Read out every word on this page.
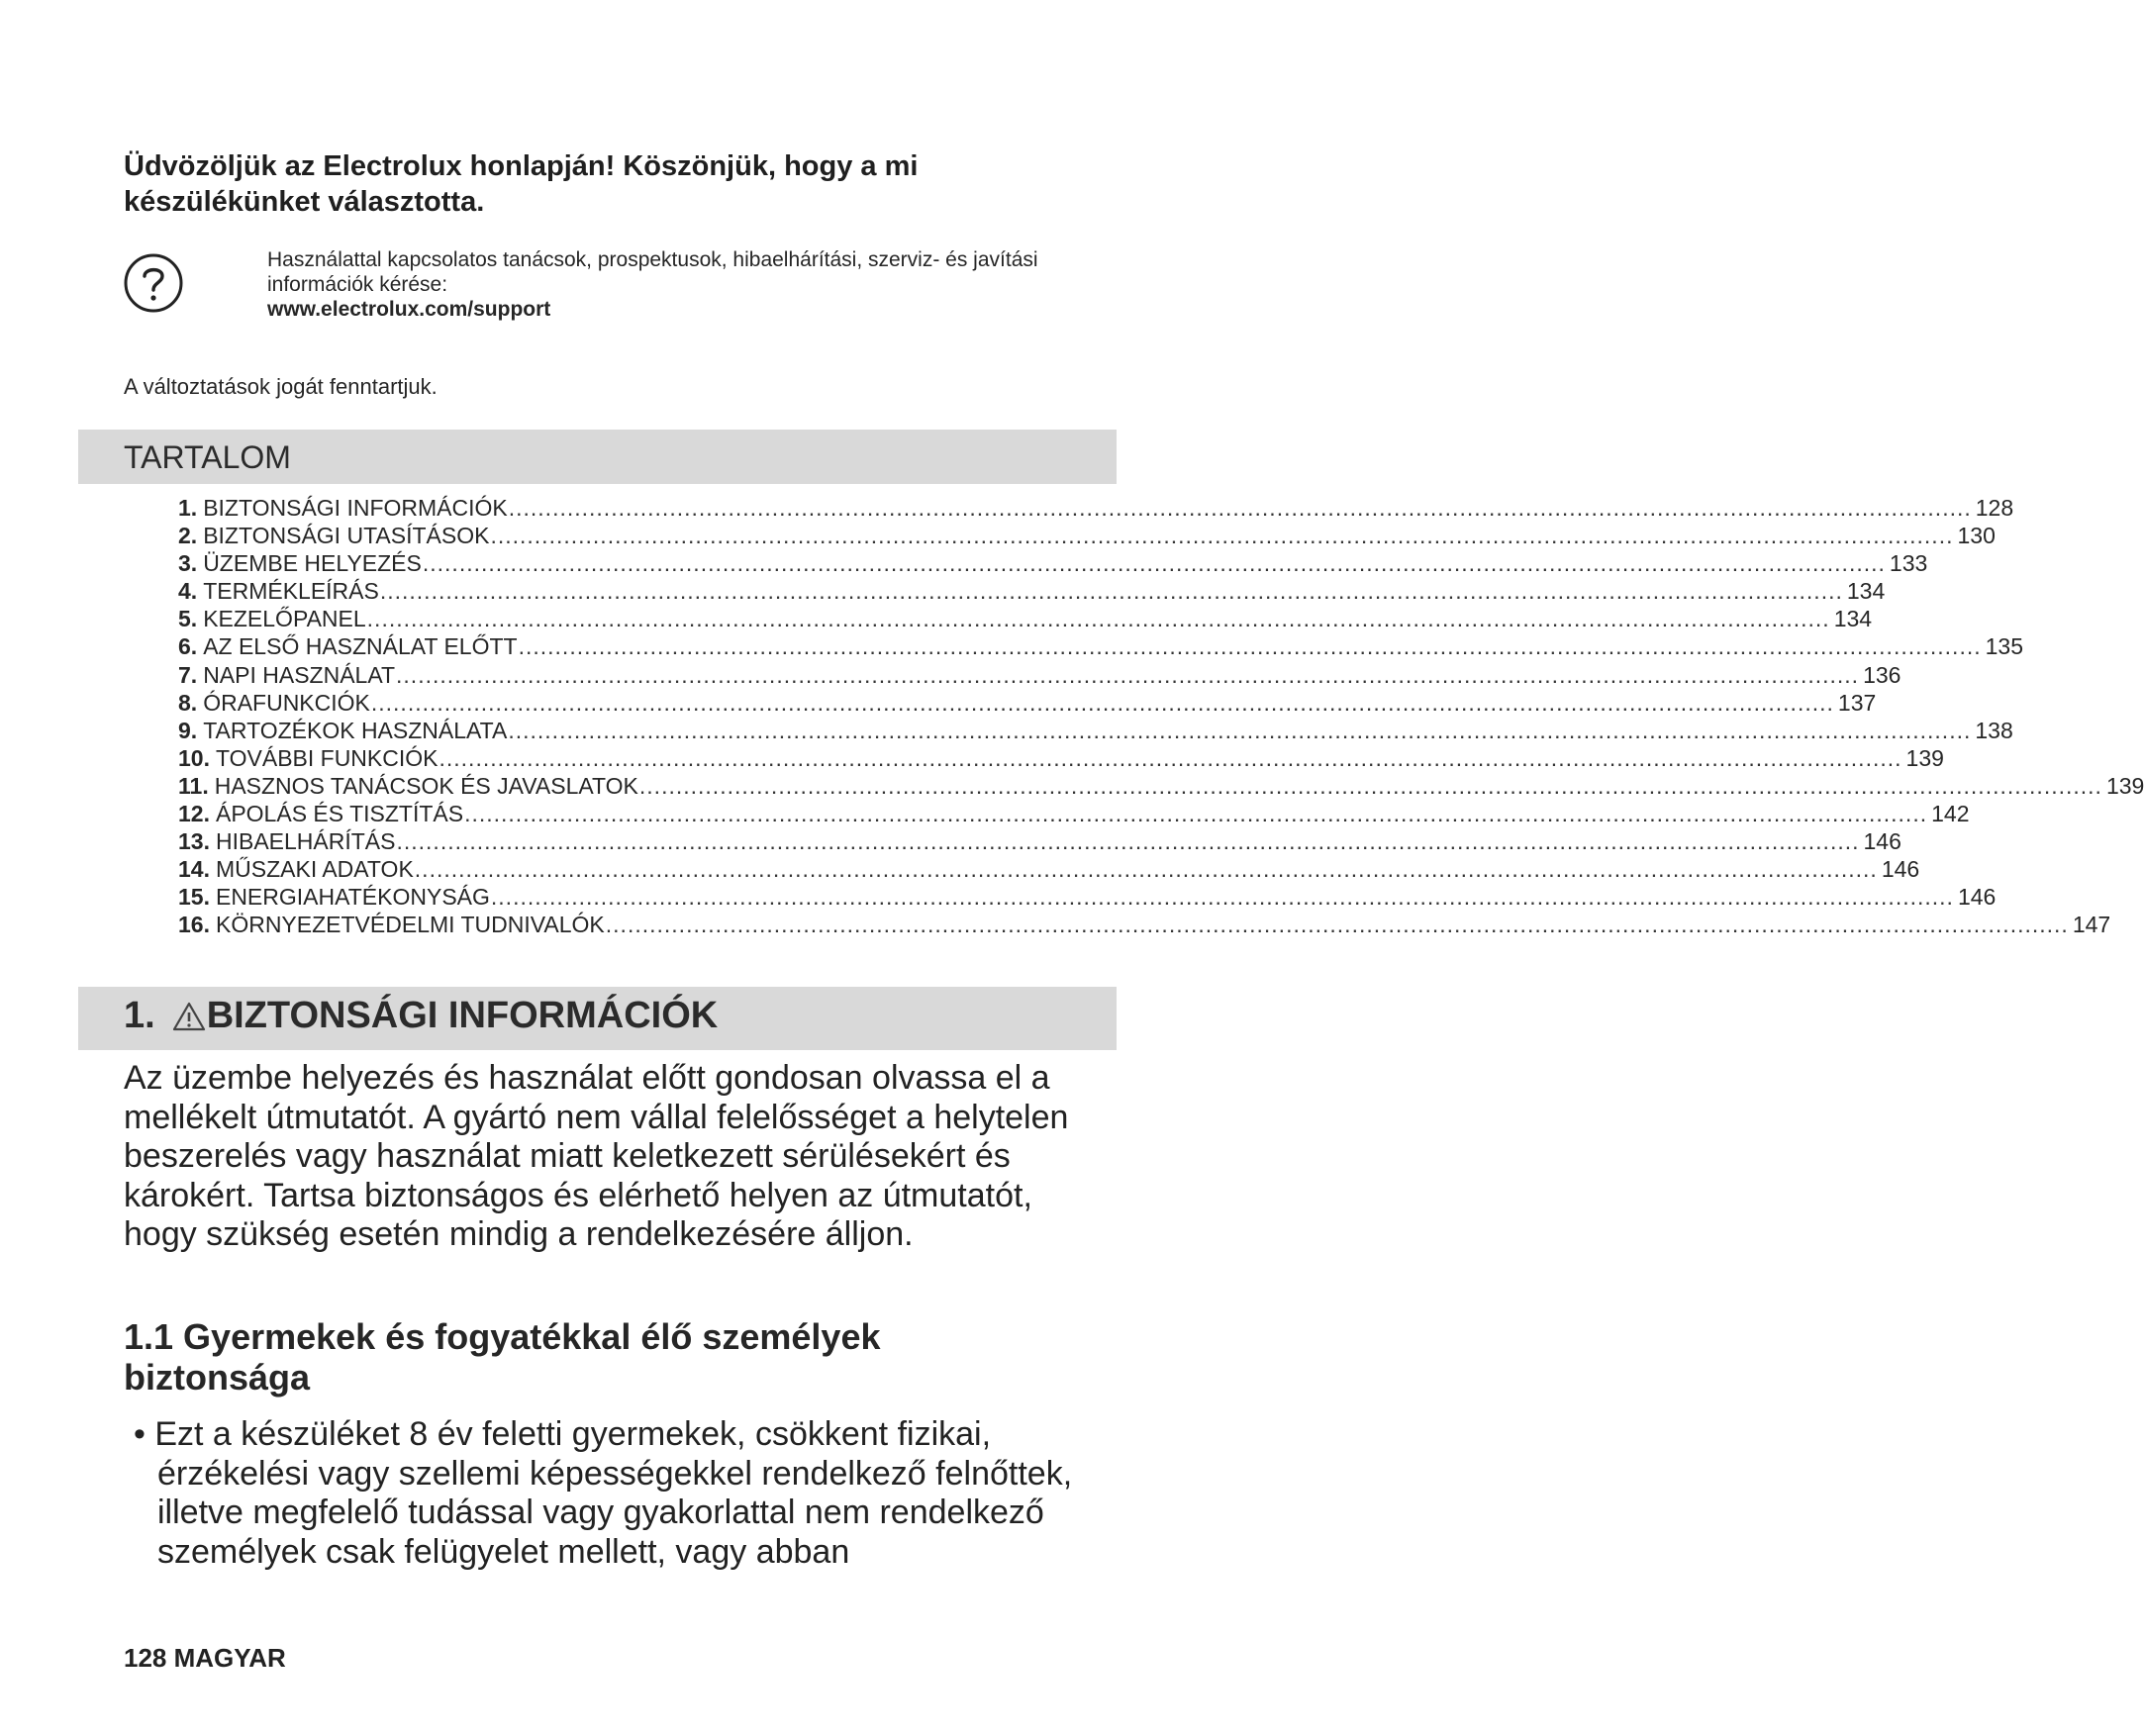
Üdvözöljük az Electrolux honlapján! Köszönjük, hogy a mi készülékünket választotta.
Használattal kapcsolatos tanácsok, prospektusok, hibaelhárítási, szerviz- és javítási információk kérése:
www.electrolux.com/support
A változtatások jogát fenntartjuk.
TARTALOM
1. BIZTONSÁGI INFORMÁCIÓK ........................................................................................................................................................................................................ 128
2. BIZTONSÁGI UTASÍTÁSOK ........................................................................................................................................................................................................ 130
3. ÜZEMBE HELYEZÉS ........................................................................................................................................................................................................ 133
4. TERMÉKLEÍRÁS ........................................................................................................................................................................................................ 134
5. KEZELŐPANEL ........................................................................................................................................................................................................ 134
6. AZ ELSŐ HASZNÁLAT ELŐTT ........................................................................................................................................................................................................ 135
7. NAPI HASZNÁLAT ........................................................................................................................................................................................................ 136
8. ÓRAFUNKCIÓK ........................................................................................................................................................................................................ 137
9. TARTOZÉKOK HASZNÁLATA ........................................................................................................................................................................................................ 138
10. TOVÁBBI FUNKCIÓK ........................................................................................................................................................................................................ 139
11. HASZNOS TANÁCSOK ÉS JAVASLATOK ........................................................................................................................................................................................................ 139
12. ÁPOLÁS ÉS TISZTÍTÁS ........................................................................................................................................................................................................ 142
13. HIBAELHÁRÍTÁS ........................................................................................................................................................................................................ 146
14. MŰSZAKI ADATOK ........................................................................................................................................................................................................ 146
15. ENERGIAHATÉKONYSÁG ........................................................................................................................................................................................................ 146
16. KÖRNYEZETVÉDELMI TUDNIVALÓK ........................................................................................................................................................................................................ 147
1. BIZTONSÁGI INFORMÁCIÓK

Az üzembe helyezés és használat előtt gondosan olvassa el a mellékelt útmutatót. A gyártó nem vállal felelősséget a helytelen beszerelés vagy használat miatt keletkezett sérülésekért és károkért. Tartsa biztonságos és elérhető helyen az útmutatót, hogy szükség esetén mindig a rendelkezésére álljon.

1.1 Gyermekek és fogyatékkal élő személyek biztonsága

• Ezt a készüléket 8 év feletti gyermekek, csökkent fizikai, érzékelési vagy szellemi képességekkel rendelkező felnőttek, illetve megfelelő tudással vagy gyakorlattal nem rendelkező személyek csak felügyelet mellett, vagy abban

128 MAGYAR
